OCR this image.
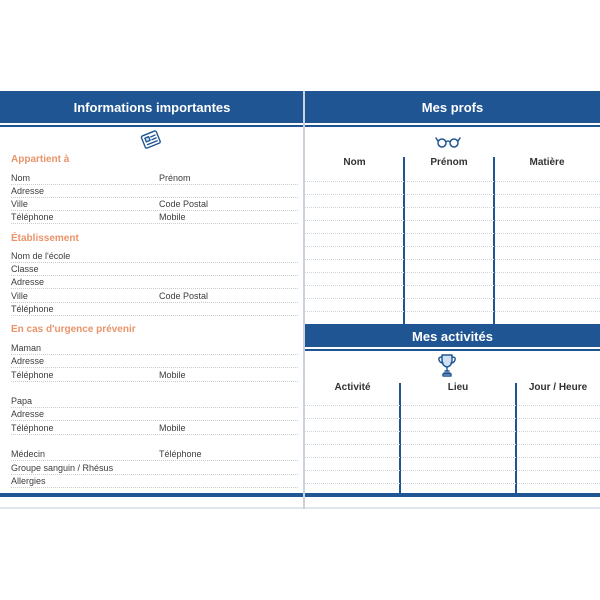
Informations importantes
Appartient à
Nom	Prénom
Adresse
Ville	Code Postal
Téléphone	Mobile
Établissement
Nom de l'école
Classe
Adresse
Ville	Code Postal
Téléphone
En cas d'urgence prévenir
Maman
Adresse
Téléphone	Mobile
Papa
Adresse
Téléphone	Mobile
Médecin	Téléphone
Groupe sanguin / Rhésus
Allergies
Mes profs
Nom	Prénom	Matière
Mes activités
Activité	Lieu	Jour / Heure
